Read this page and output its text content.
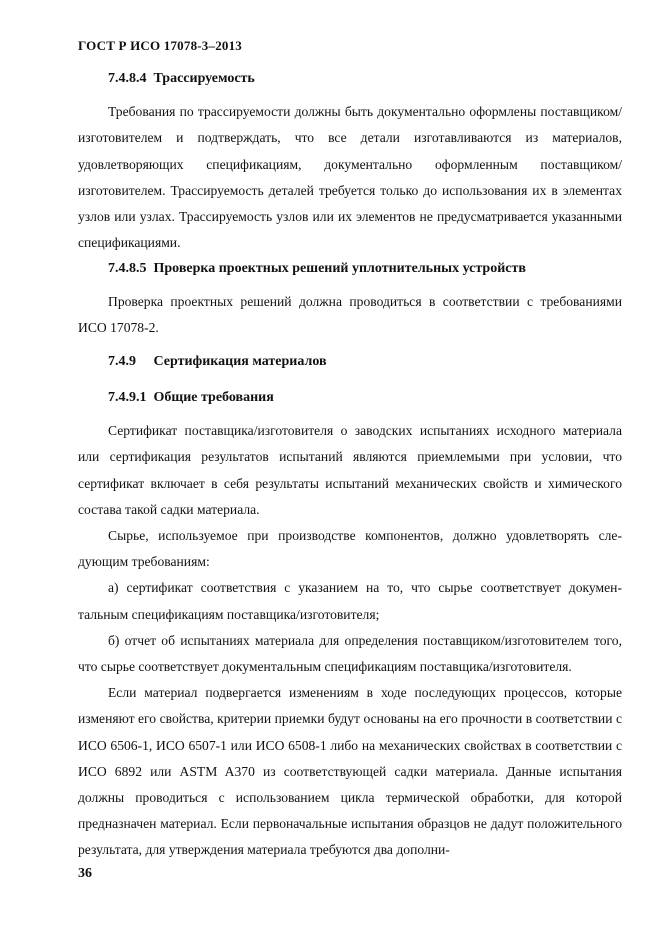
ГОСТ Р ИСО 17078-3–2013
7.4.8.4  Трассируемость

Требования по трассируемости должны быть документально оформлены поставщиком/изготовителем и подтверждать, что все детали изготавливаются из материалов, удовлетворяющих спецификациям, документально оформленным поставщиком/изготовителем. Трассируемость деталей требуется только до использования их в элементах узлов или узлах. Трассируемость узлов или их элементов не предусматривается указанными спецификациями.

7.4.8.5  Проверка проектных решений уплотнительных устройств

Проверка проектных решений должна проводиться в соответствии с требованиями ИСО 17078-2.

7.4.9     Сертификация материалов
7.4.9.1  Общие требования

Сертификат поставщика/изготовителя о заводских испытаниях исходного материала или сертификация результатов испытаний являются приемлемыми при условии, что сертификат включает в себя результаты испытаний механических свойств и химического состава такой садки материала.

Сырье, используемое при производстве компонентов, должно удовлетворять следующим требованиям:

а) сертификат соответствия с указанием на то, что сырье соответствует документальным спецификациям поставщика/изготовителя;

б) отчет об испытаниях материала для определения поставщиком/изготовителем того, что сырье соответствует документальным спецификациям поставщика/изготовителя.

Если материал подвергается изменениям в ходе последующих процессов, которые изменяют его свойства, критерии приемки будут основаны на его прочности в соответствии с ИСО 6506-1, ИСО 6507-1 или ИСО 6508-1 либо на механических свойствах в соответствии с ИСО 6892 или ASTM A370 из соответствующей садки материала. Данные испытания должны проводиться с использованием цикла термической обработки, для которой предназначен материал. Если первоначальные испытания образцов не дадут положительного результата, для утверждения материала требуются два дополни-

36
